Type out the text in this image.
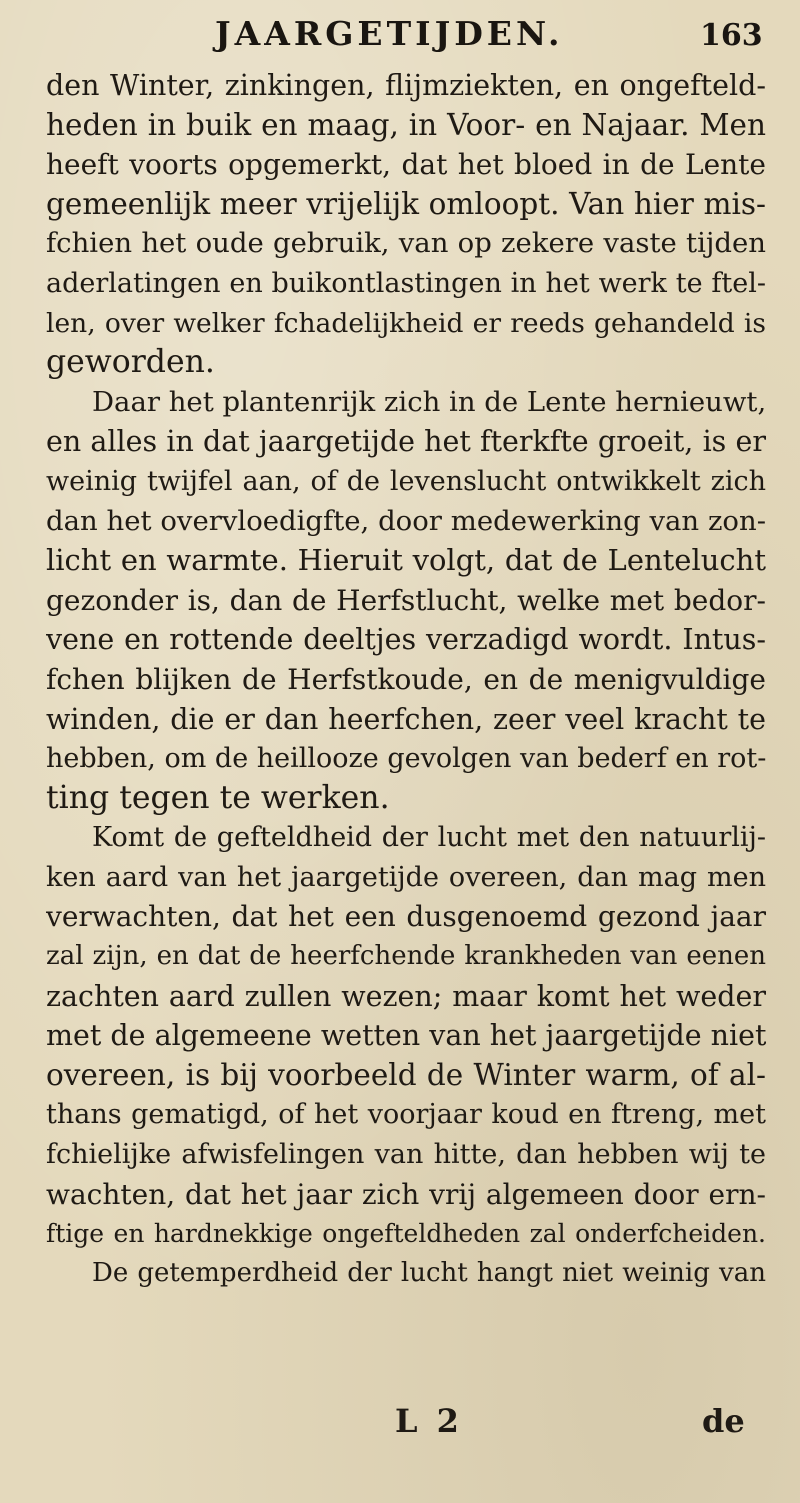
JAARGETIJDEN.	163
den Winter, zinkingen, flijmziekten, en ongefteld-
heden in buik en maag, in Voor- en Najaar. Men
heeft voorts opgemerkt, dat het bloed in de Lente
gemeenlijk meer vrijelijk omloopt. Van hier mis-
fchien het oude gebruik, van op zekere vaste tijden
aderlatingen en buikontlastingen in het werk te ftel-
len, over welker fchadelijkheid er reeds gehandeld is
geworden.
Daar het plantenrijk zich in de Lente hernieuwt,
en alles in dat jaargetijde het fterkfte groeit, is er
weinig twijfel aan, of de levenslucht ontwikkelt zich
dan het overvloedigfte, door medewerking van zon-
licht en warmte. Hieruit volgt, dat de Lentelucht
gezonder is, dan de Herfstlucht, welke met bedor-
vene en rottende deeltjes verzadigd wordt. Intus-
fchen blijken de Herfstkoude, en de menigvuldige
winden, die er dan heerfchen, zeer veel kracht te
hebben, om de heillooze gevolgen van bederf en rot-
ting tegen te werken.
Komt de gefteldheid der lucht met den natuurlij-
ken aard van het jaargetijde overeen, dan mag men
verwachten, dat het een dusgenoemd gezond jaar
zal zijn, en dat de heerfchende krankheden van eenen
zachten aard zullen wezen; maar komt het weder
met de algemeene wetten van het jaargetijde niet
overeen, is bij voorbeeld de Winter warm, of al-
thans gematigd, of het voorjaar koud en ftreng, met
fchielijke afwisfelingen van hitte, dan hebben wij te
wachten, dat het jaar zich vrij algemeen door ern-
ftige en hardnekkige ongefteldheden zal onderfcheiden.
De getemperdheid der lucht hangt niet weinig van
L 2	de
